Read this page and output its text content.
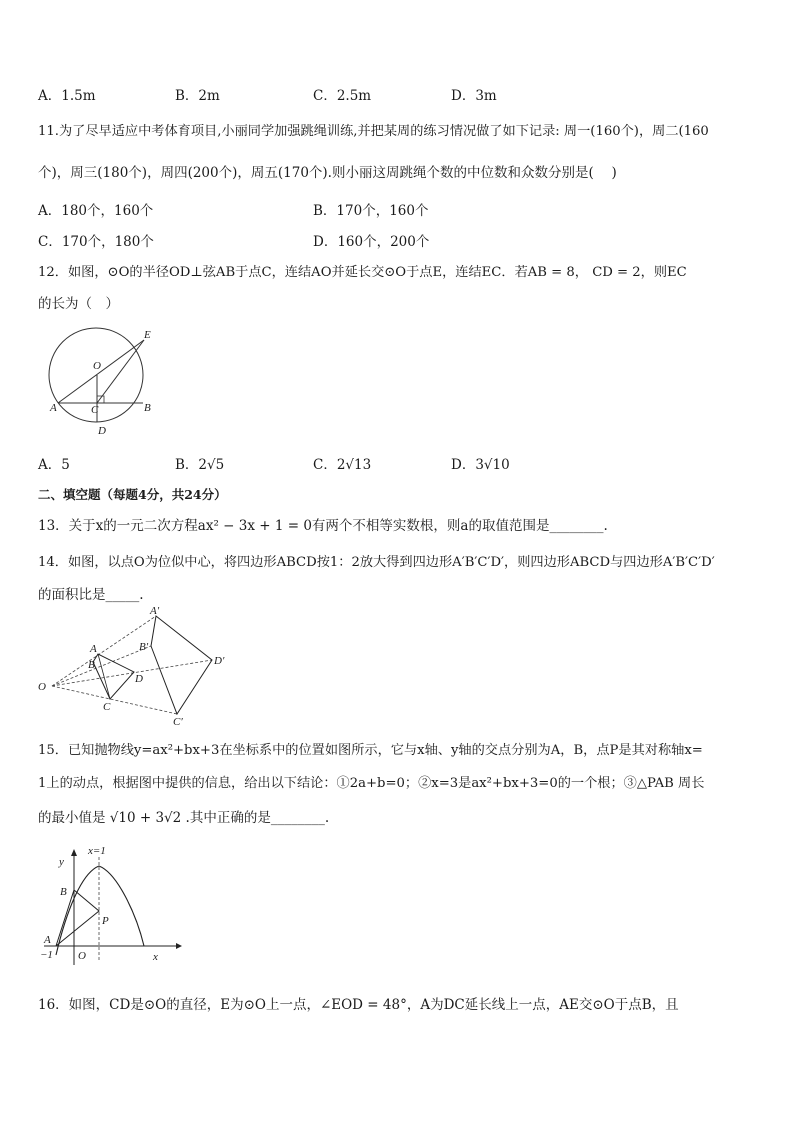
A．1.5m	B．2m	C．2.5m	D．3m
11.为了尽早适应中考体育项目,小丽同学加强跳绳训练,并把某周的练习情况做了如下记录: 周一(160个)，周二(160
个)，周三(180个)，周四(200个)，周五(170个).则小丽这周跳绳个数的中位数和众数分别是(　 )
A．180个，160个	B．170个，160个
C．170个，180个	D．160个，200个
12．如图，⊙O的半径OD⊥弦AB于点C，连结AO并延长交⊙O于点E，连结EC．若AB = 8， CD = 2，则EC
的长为（　）
E
O
A	C	B
D
A．5	B．2√5	C．2√13	D．3√10
二、填空题（每题4分，共24分）
13．关于x的一元二次方程ax² − 3x + 1 = 0有两个不相等实数根，则a的取值范围是________.
14．如图，以点O为位似中心，将四边形ABCD按1：2放大得到四边形A′B′C′D′，则四边形ABCD与四边形A′B′C′D′
的面积比是_____.
A′
B′
D′
C′
A
B
D
C
O
15．已知抛物线y=ax²+bx+3在坐标系中的位置如图所示，它与x轴、y轴的交点分别为A，B，点P是其对称轴x=
1上的动点，根据图中提供的信息，给出以下结论：①2a+b=0；②x=3是ax²+bx+3=0的一个根；③△PAB 周长
的最小值是 √10 + 3√2 .其中正确的是________.
y
x=1
B
P
A
−1 O	x
16．如图，CD是⊙O的直径，E为⊙O上一点，∠EOD = 48°，A为DC延长线上一点，AE交⊙O于点B，且
